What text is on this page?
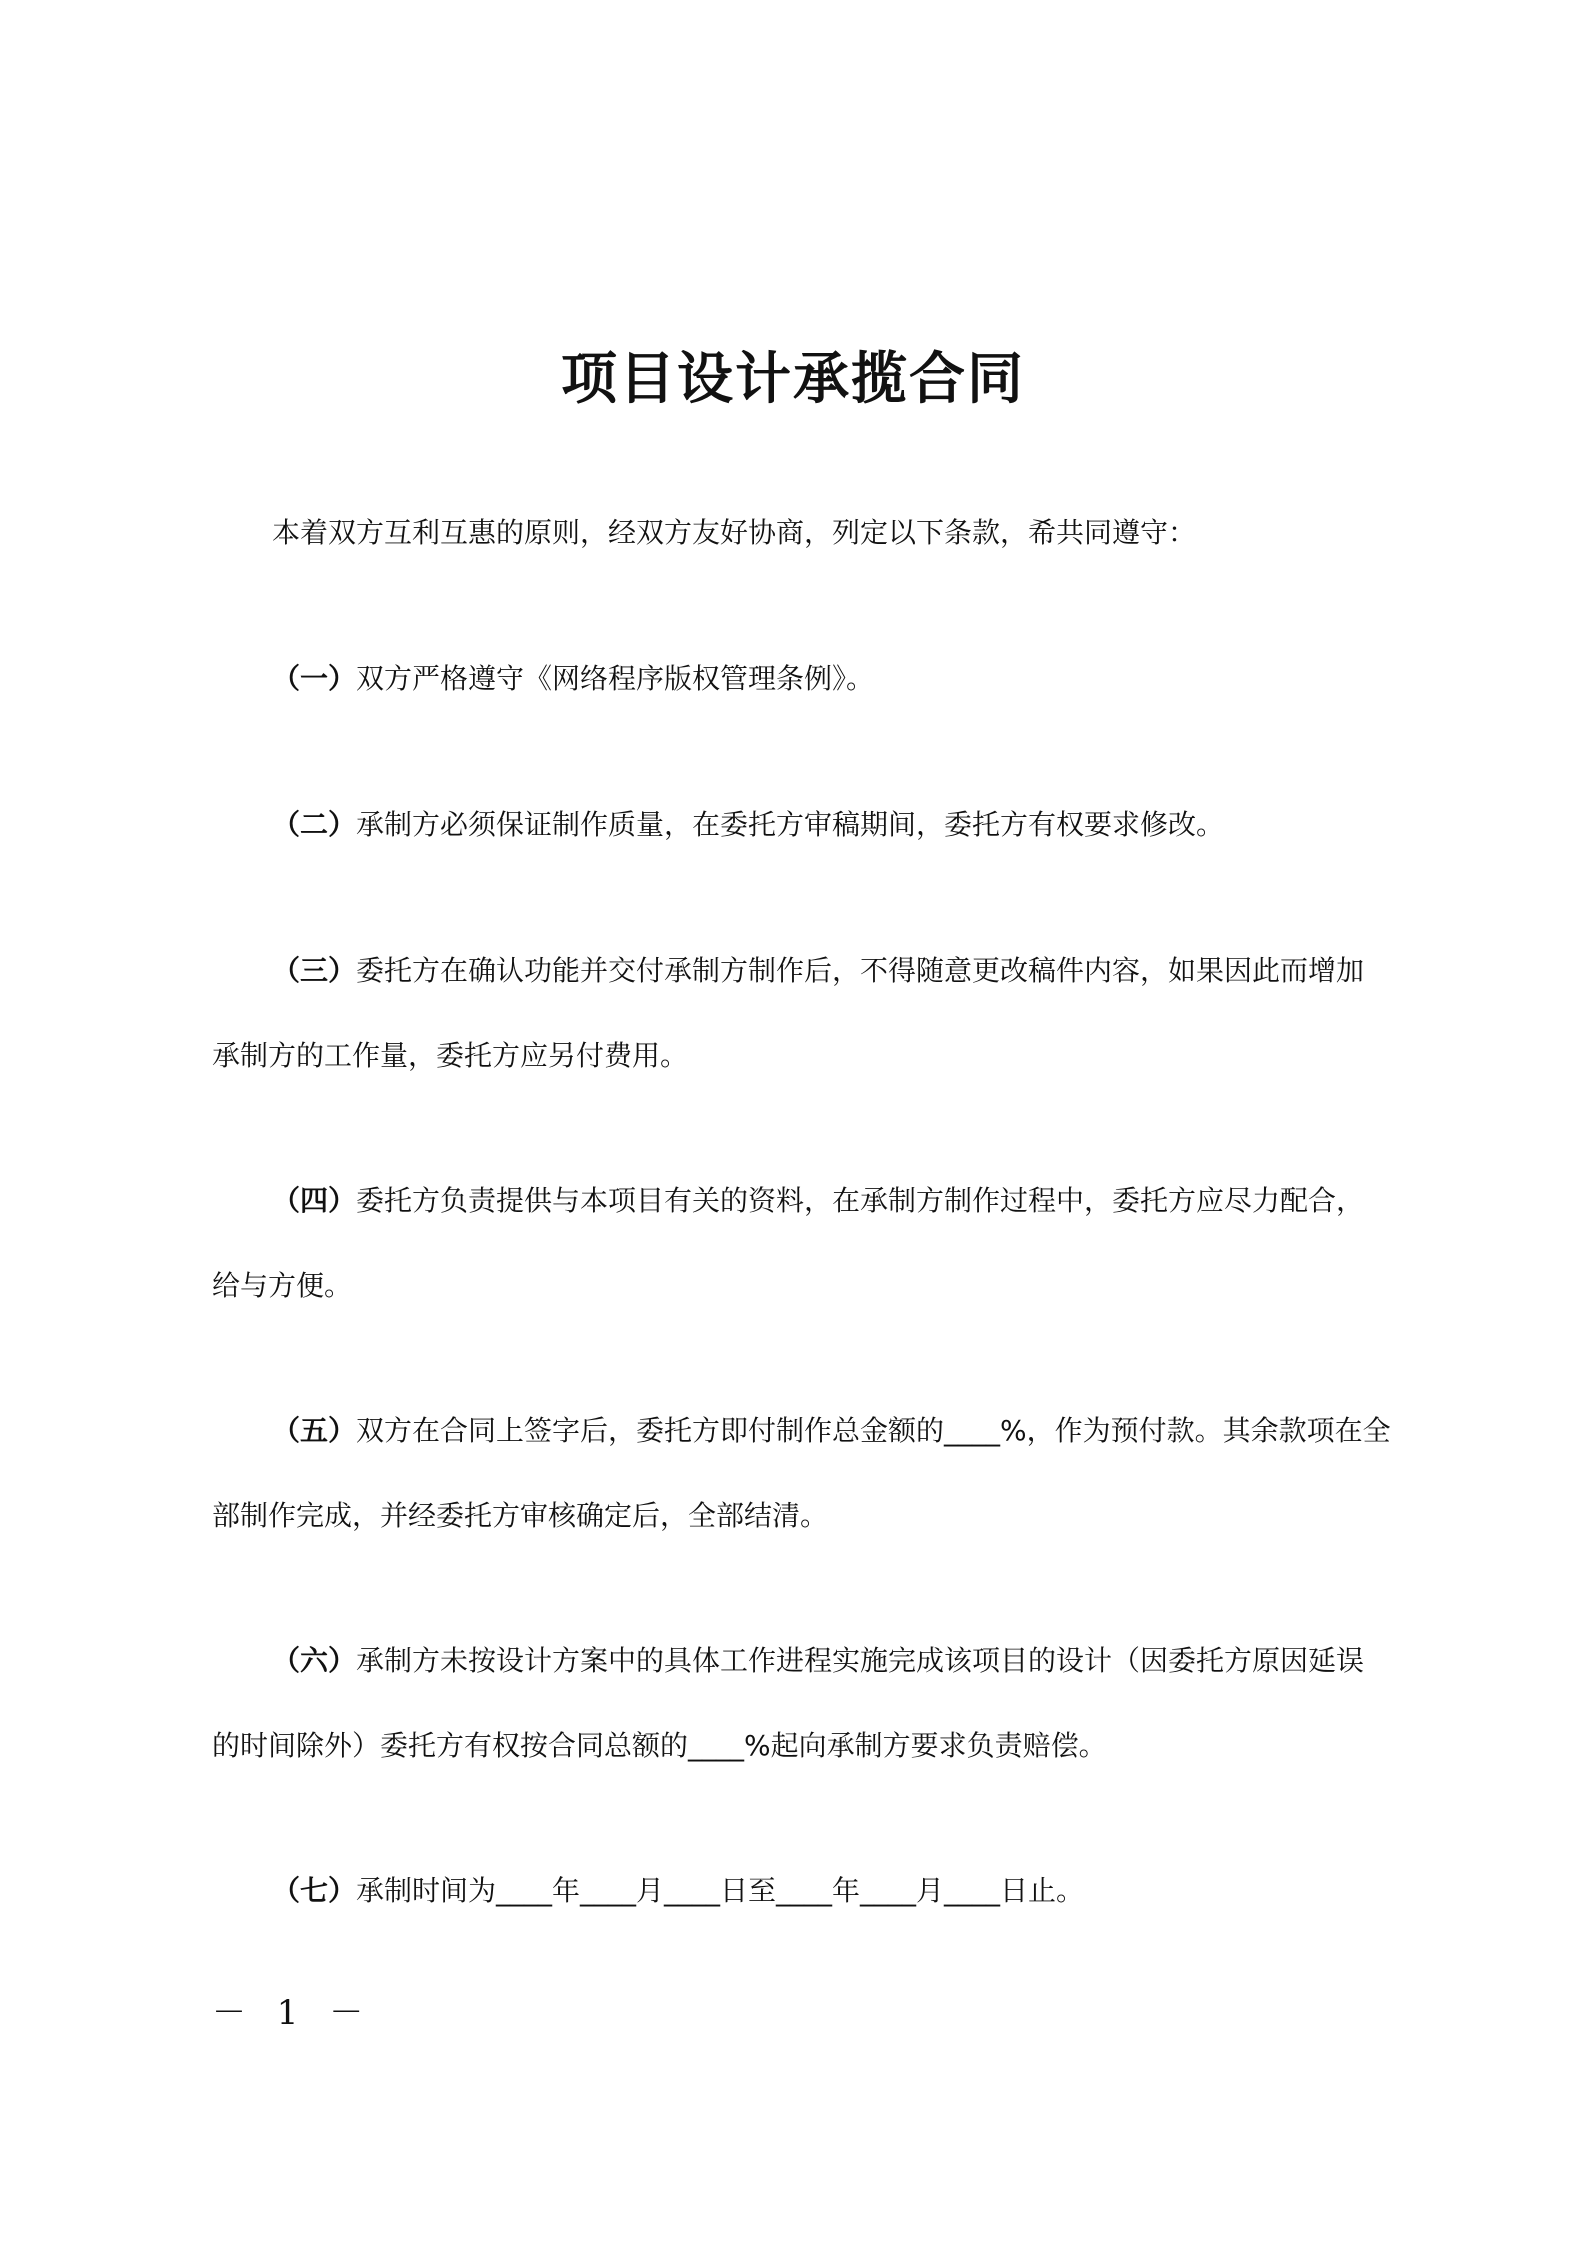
项目设计承揽合同

本着双方互利互惠的原则，经双方友好协商，列定以下条款，希共同遵守：

（一）双方严格遵守《网络程序版权管理条例》。

（二）承制方必须保证制作质量，在委托方审稿期间，委托方有权要求修改。

（三）委托方在确认功能并交付承制方制作后，不得随意更改稿件内容，如果因此而增加承制方的工作量，委托方应另付费用。

（四）委托方负责提供与本项目有关的资料，在承制方制作过程中，委托方应尽力配合，给与方便。

（五）双方在合同上签字后，委托方即付制作总金额的____%，作为预付款。其余款项在全部制作完成，并经委托方审核确定后，全部结清。

（六）承制方未按设计方案中的具体工作进程实施完成该项目的设计（因委托方原因延误的时间除外）委托方有权按合同总额的____%起向承制方要求负责赔偿。

（七）承制时间为____年____月____日至____年____月____日止。

－ 1 －
